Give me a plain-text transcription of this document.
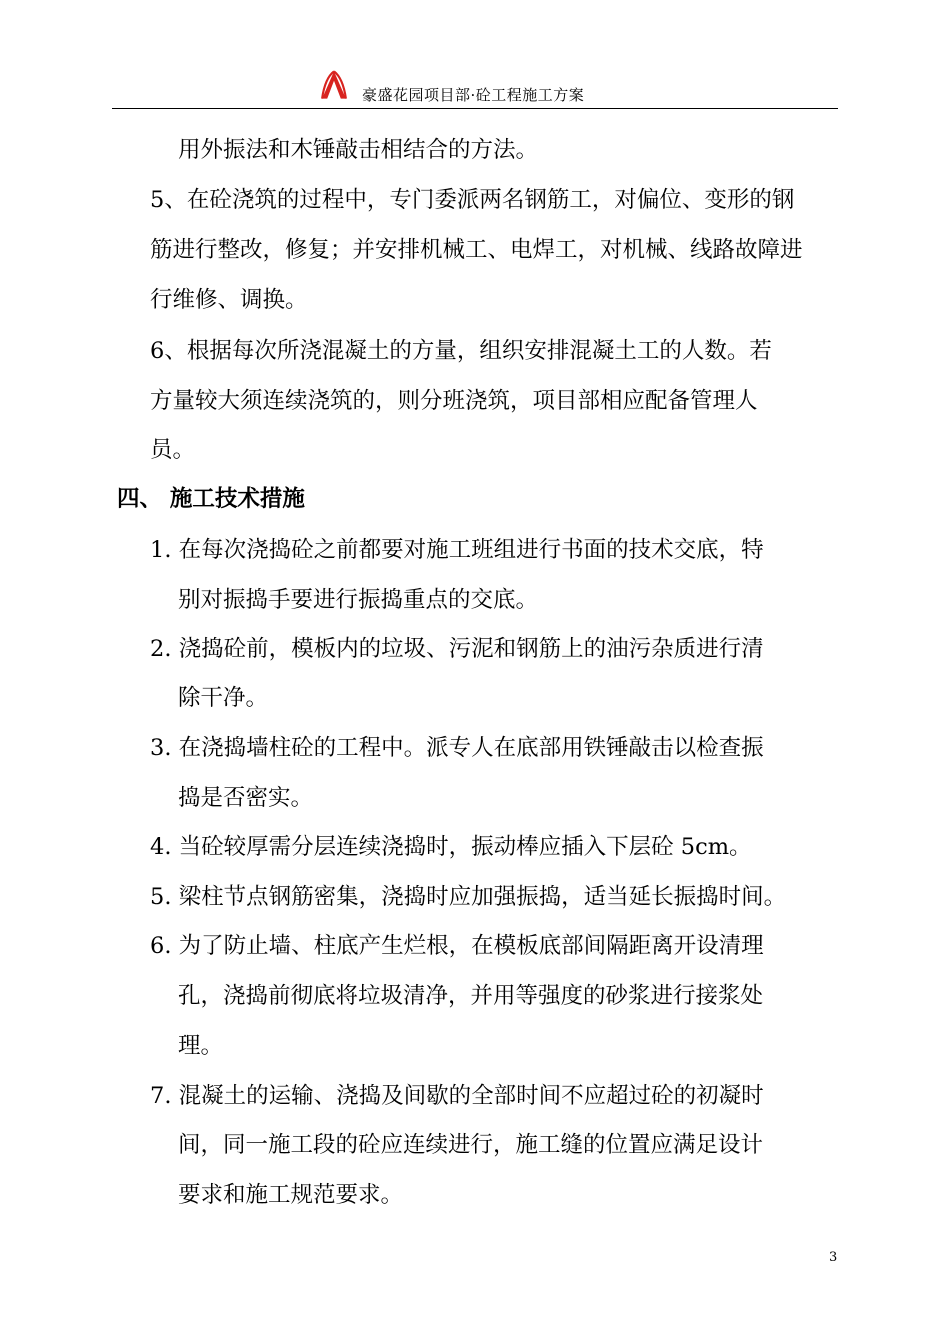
豪盛花园项目部·砼工程施工方案
用外振法和木锤敲击相结合的方法。
5、在砼浇筑的过程中，专门委派两名钢筋工，对偏位、变形的钢
筋进行整改，修复；并安排机械工、电焊工，对机械、线路故障进
行维修、调换。
6、根据每次所浇混凝土的方量，组织安排混凝土工的人数。若
方量较大须连续浇筑的，则分班浇筑，项目部相应配备管理人
员。
四、 施工技术措施
1. 在每次浇捣砼之前都要对施工班组进行书面的技术交底，特
别对振捣手要进行振捣重点的交底。
2. 浇捣砼前，模板内的垃圾、污泥和钢筋上的油污杂质进行清
除干净。
3. 在浇捣墙柱砼的工程中。派专人在底部用铁锤敲击以检查振
捣是否密实。
4. 当砼较厚需分层连续浇捣时，振动棒应插入下层砼 5cm。
5. 梁柱节点钢筋密集，浇捣时应加强振捣，适当延长振捣时间。
6. 为了防止墙、柱底产生烂根，在模板底部间隔距离开设清理
孔，浇捣前彻底将垃圾清净，并用等强度的砂浆进行接浆处
理。
7. 混凝土的运输、浇捣及间歇的全部时间不应超过砼的初凝时
间，同一施工段的砼应连续进行，施工缝的位置应满足设计
要求和施工规范要求。
3
